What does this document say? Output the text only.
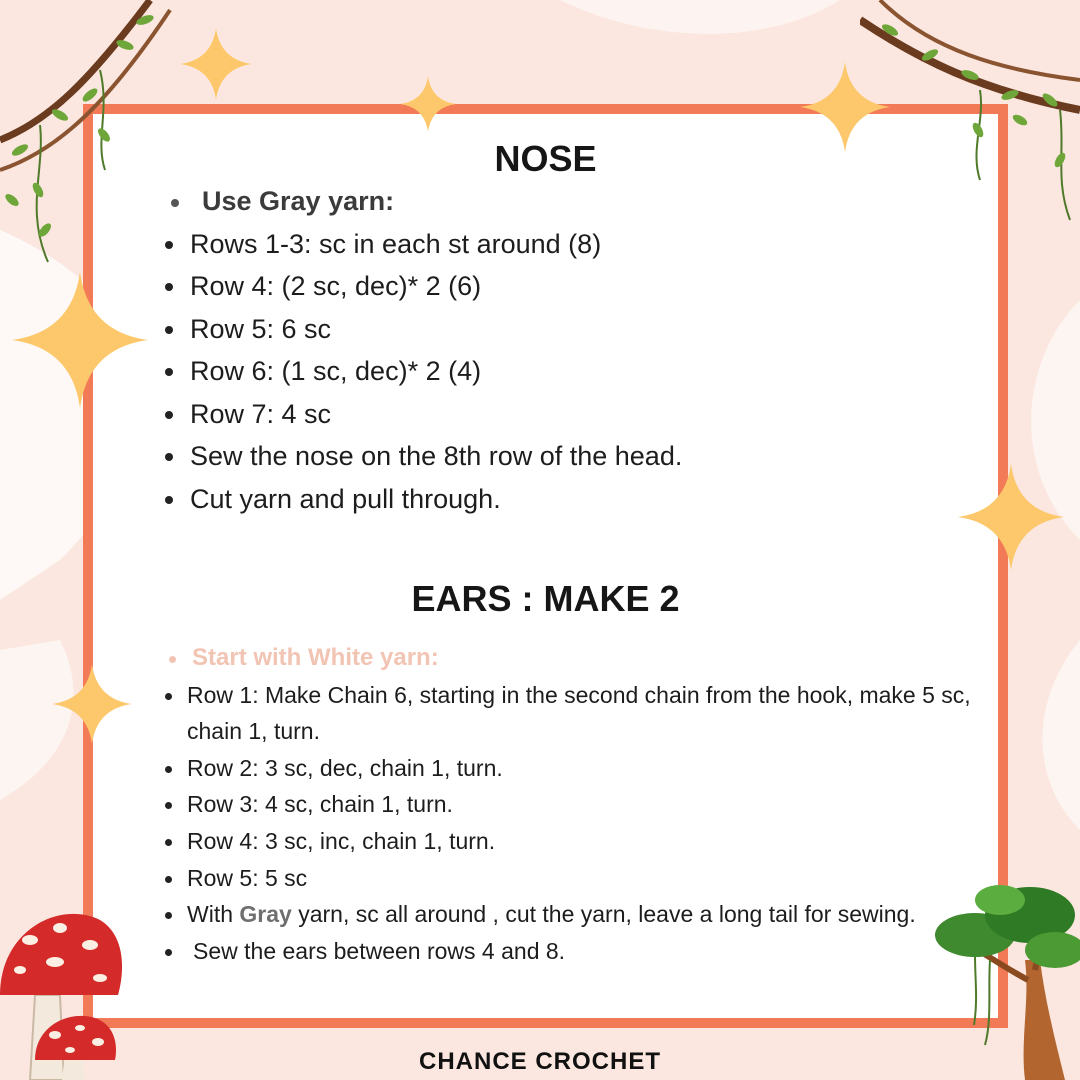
NOSE
Use Gray yarn:
Rows 1-3: sc in each st around (8)
Row 4: (2 sc, dec)* 2 (6)
Row 5: 6 sc
Row 6: (1 sc, dec)* 2 (4)
Row 7: 4 sc
Sew the nose on the 8th row of the head.
Cut yarn and pull through.
EARS : MAKE 2
Start with White yarn:
Row 1: Make Chain 6, starting in the second chain from the hook, make 5 sc, chain 1, turn.
Row 2: 3 sc, dec, chain 1, turn.
Row 3: 4 sc, chain 1, turn.
Row 4: 3 sc, inc, chain 1, turn.
Row 5: 5 sc
With Gray yarn, sc all around , cut the yarn, leave a long tail for sewing.
Sew the ears between rows 4 and 8.
CHANCE CROCHET
